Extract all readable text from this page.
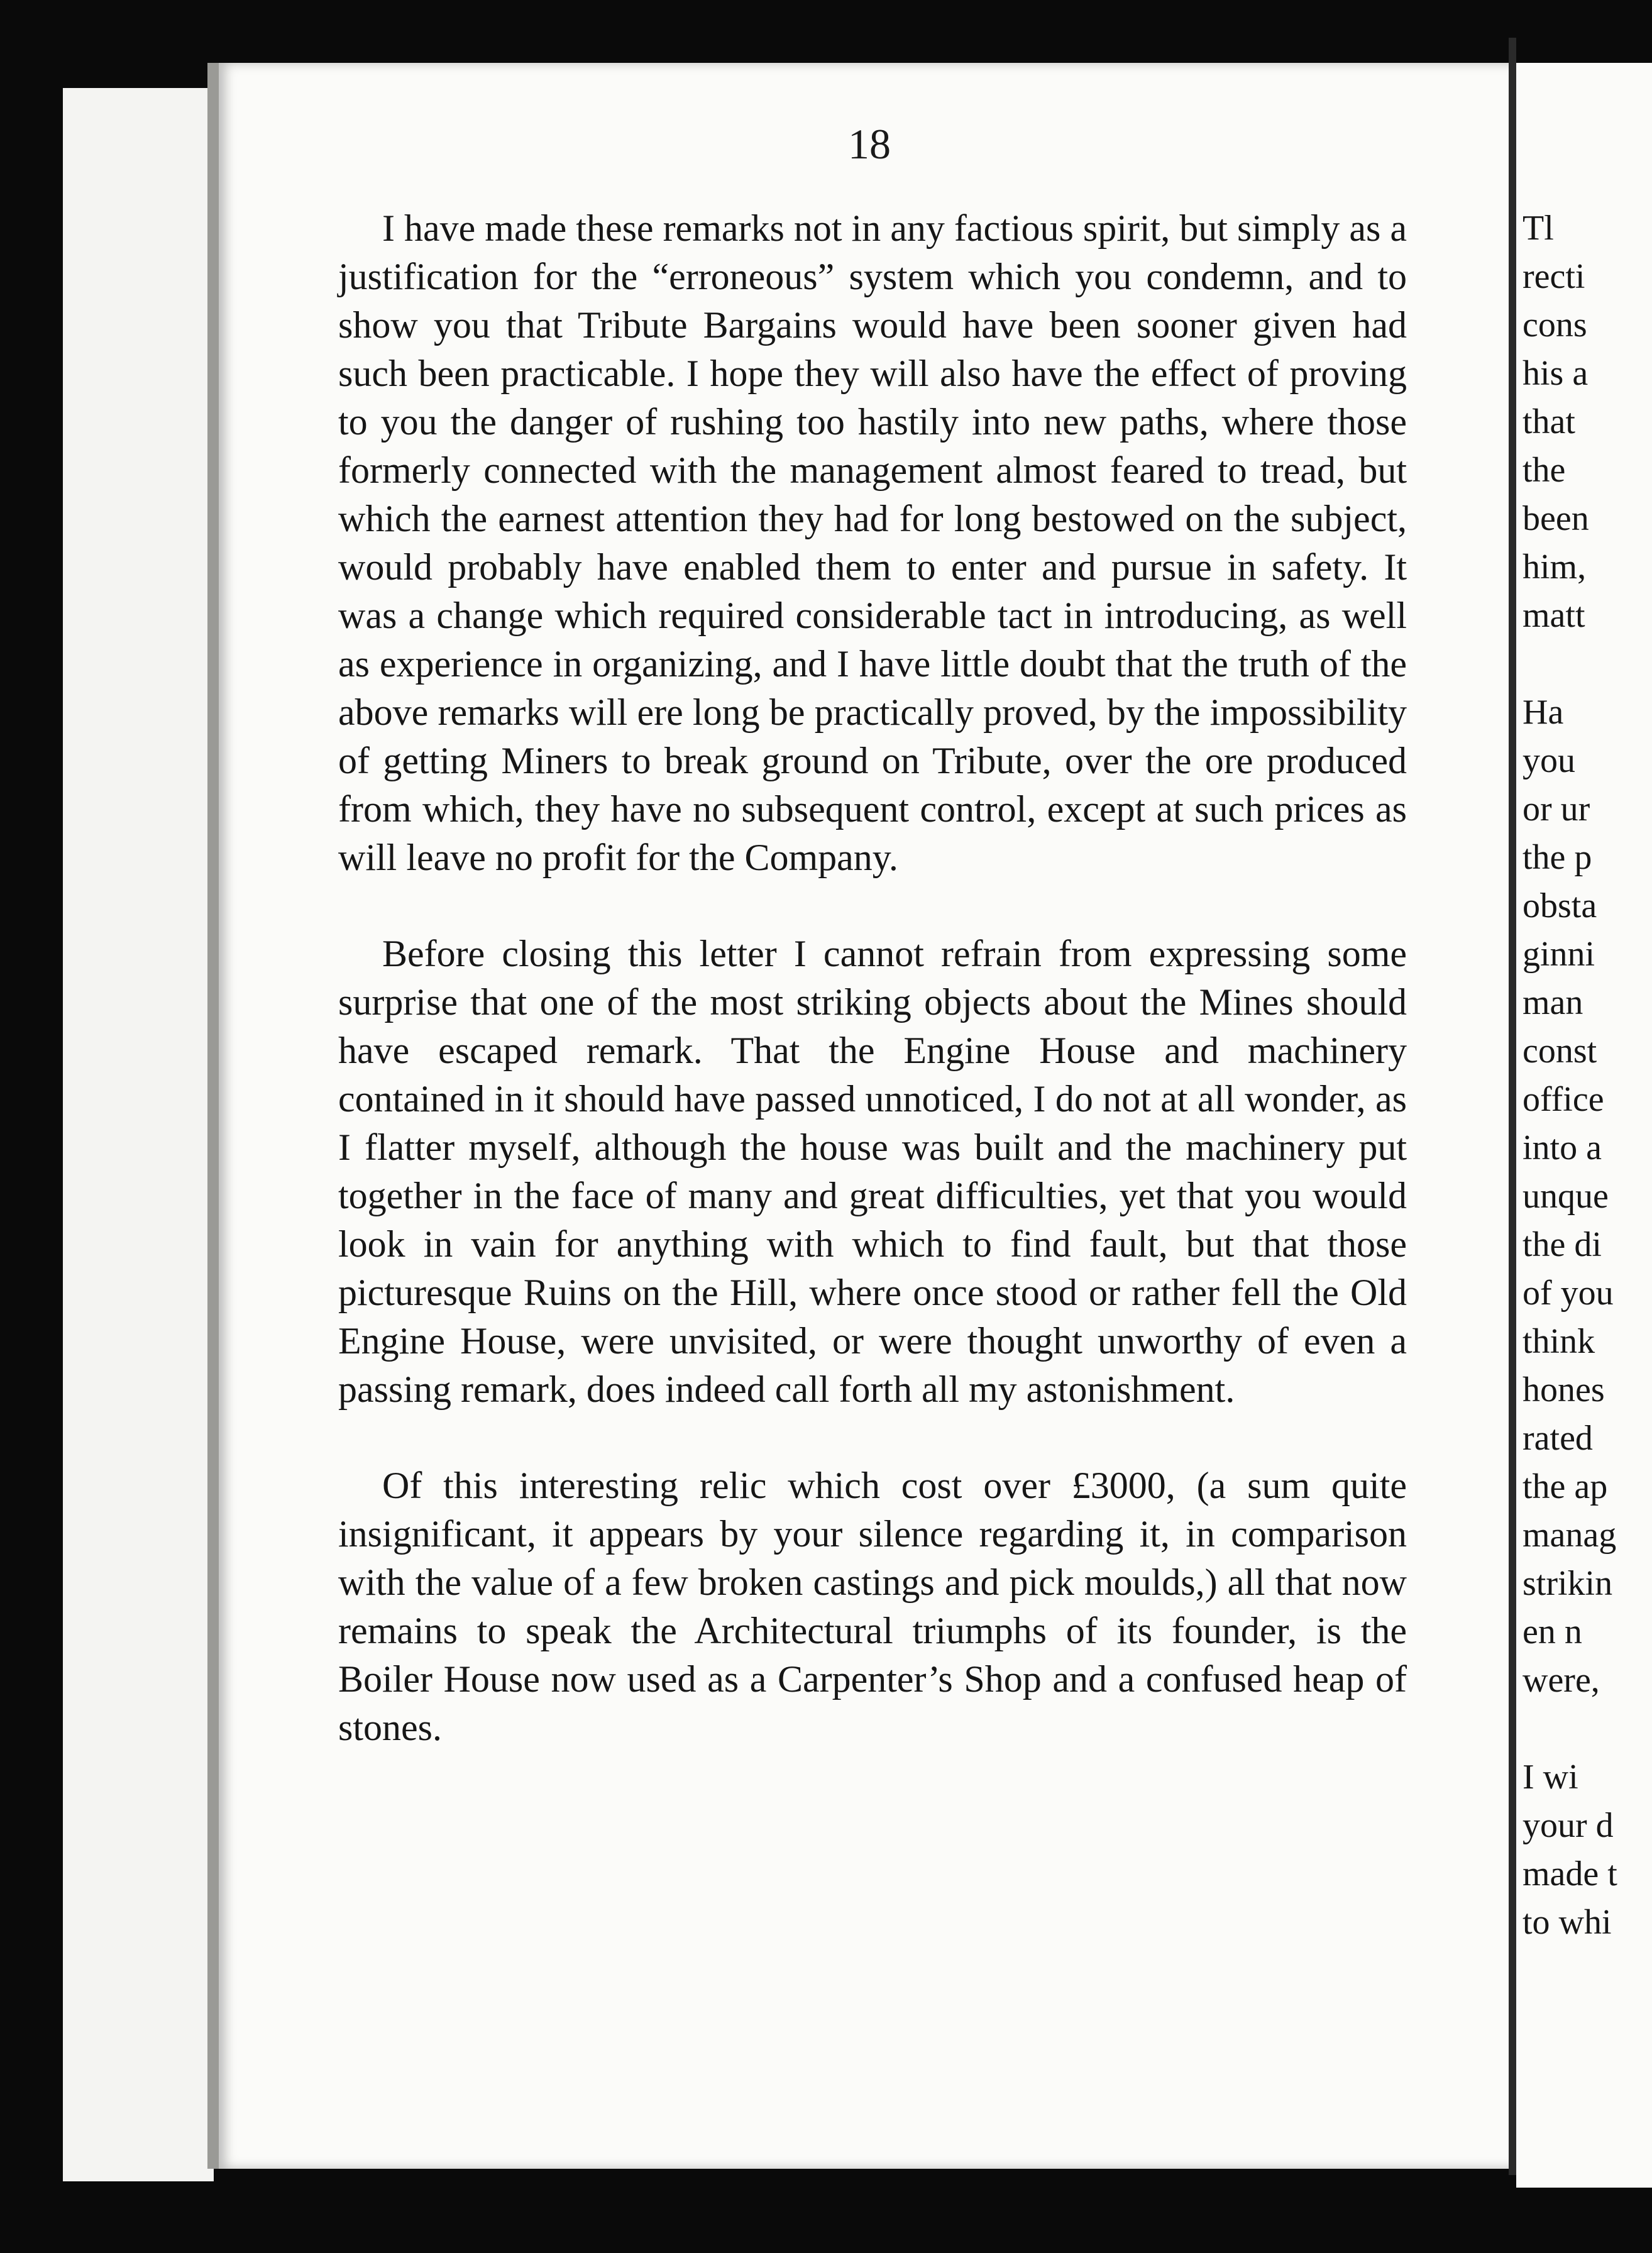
18

I have made these remarks not in any factious spirit, but simply as a justification for the “erroneous” system which you condemn, and to show you that Tribute Bargains would have been sooner given had such been practicable. I hope they will also have the effect of proving to you the danger of rushing too hastily into new paths, where those formerly connected with the management almost feared to tread, but which the earnest attention they had for long bestowed on the subject, would probably have enabled them to enter and pursue in safety. It was a change which required considerable tact in introducing, as well as experience in organizing, and I have little doubt that the truth of the above remarks will ere long be practically proved, by the impossibility of getting Miners to break ground on Tribute, over the ore produced from which, they have no subsequent control, except at such prices as will leave no profit for the Company.

Before closing this letter I cannot refrain from expressing some surprise that one of the most striking objects about the Mines should have escaped remark. That the Engine House and machinery contained in it should have passed unnoticed, I do not at all wonder, as I flatter myself, although the house was built and the machinery put together in the face of many and great difficulties, yet that you would look in vain for anything with which to find fault, but that those picturesque Ruins on the Hill, where once stood or rather fell the Old Engine House, were unvisited, or were thought unworthy of even a passing remark, does indeed call forth all my astonishment.

Of this interesting relic which cost over £3000, (a sum quite insignificant, it appears by your silence regarding it, in comparison with the value of a few broken castings and pick moulds,) all that now remains to speak the Architectural triumphs of its founder, is the Boiler House now used as a Carpenter’s Shop and a confused heap of stones.

Tl
recti
cons
his a
that
the
been
him,
matt
Ha
you
or ur
the p
obsta
ginni
man
const
office
into a
unque
the di
of you
think
hones
rated
the ap
manag
strikin
en n
were,
I wi
your d
made t
to whi
